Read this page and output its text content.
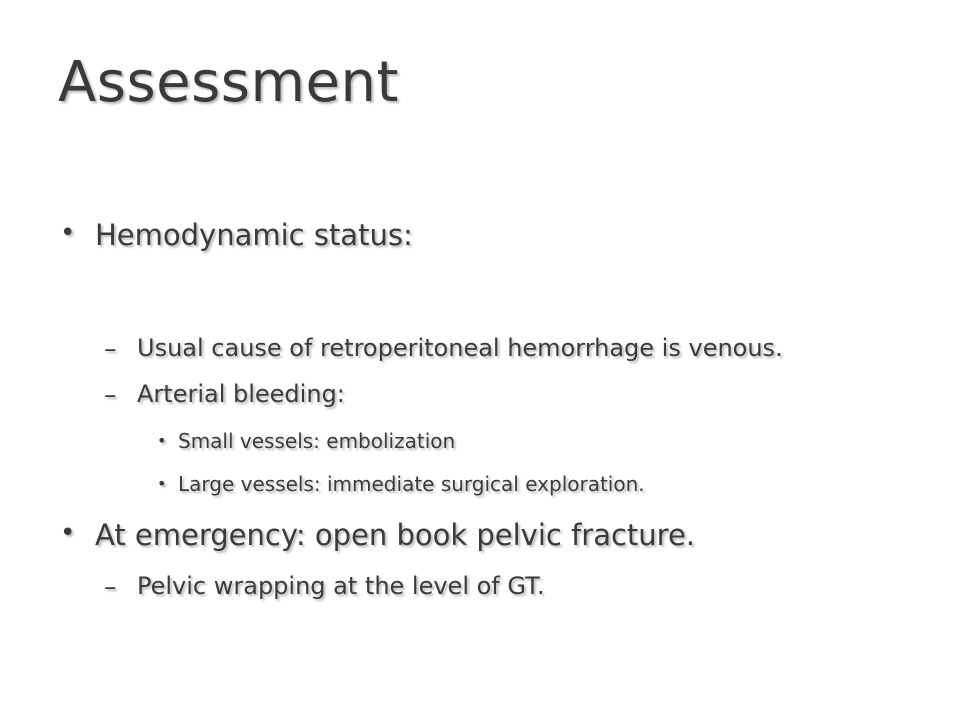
Assessment
• Hemodynamic status:
– Usual cause of retroperitoneal hemorrhage is venous.
– Arterial bleeding:
• Small vessels: embolization
• Large vessels: immediate surgical exploration.
• At emergency: open book pelvic fracture.
– Pelvic wrapping at the level of GT.
